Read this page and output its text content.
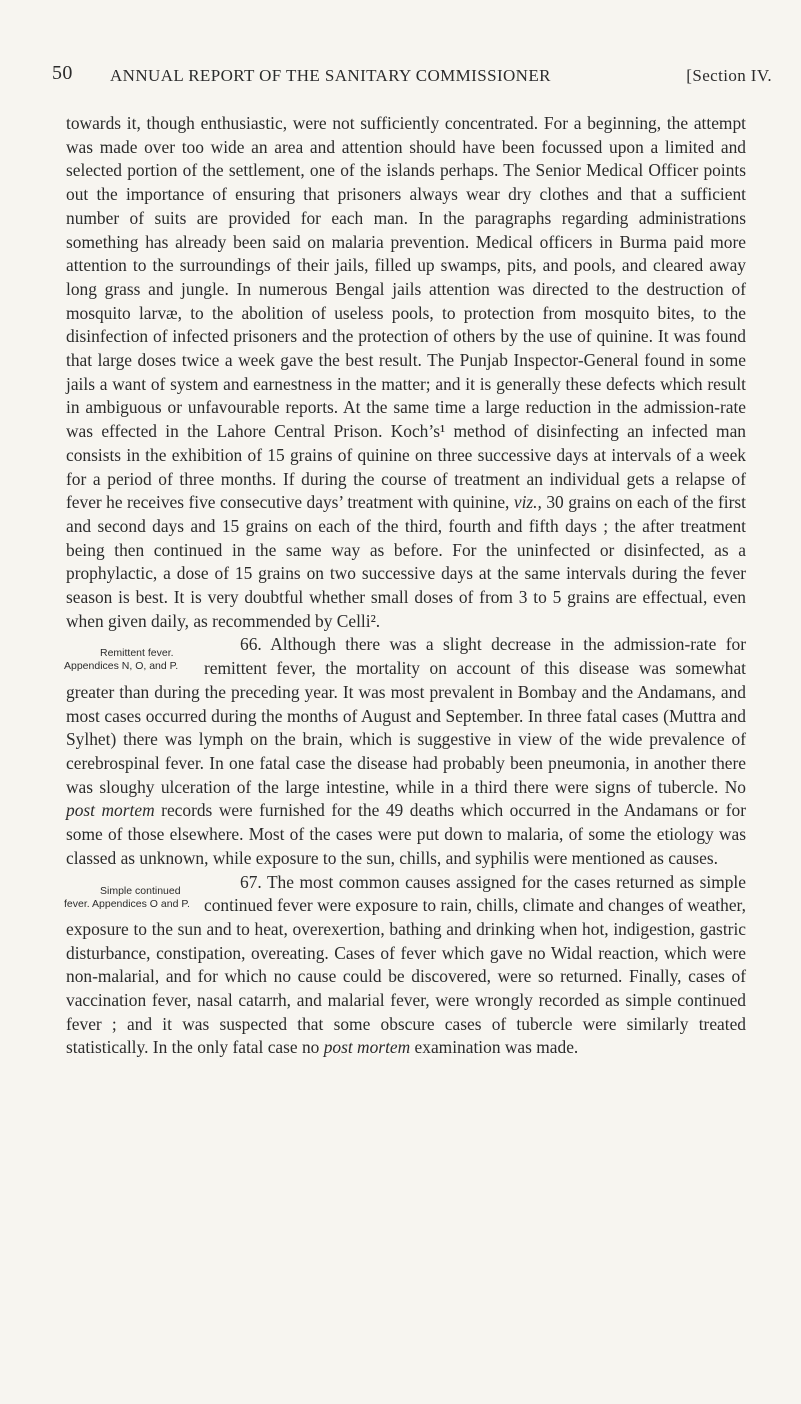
50 ANNUAL REPORT OF THE SANITARY COMMISSIONER	[Section IV.

towards it, though enthusiastic, were not sufficiently concentrated. For a beginning, the attempt was made over too wide an area and attention should have been focussed upon a limited and selected portion of the settlement, one of the islands perhaps. The Senior Medical Officer points out the importance of ensuring that prisoners always wear dry clothes and that a sufficient number of suits are provided for each man. In the paragraphs regarding administrations something has already been said on malaria prevention. Medical officers in Burma paid more attention to the surroundings of their jails, filled up swamps, pits, and pools, and cleared away long grass and jungle. In numerous Bengal jails attention was directed to the destruction of mosquito larvæ, to the abolition of useless pools, to protection from mosquito bites, to the disinfection of infected prisoners and the protection of others by the use of quinine. It was found that large doses twice a week gave the best result. The Punjab Inspector-General found in some jails a want of system and earnestness in the matter; and it is generally these defects which result in ambiguous or unfavourable reports. At the same time a large reduction in the admission-rate was effected in the Lahore Central Prison. Koch’s¹ method of disinfecting an infected man consists in the exhibition of 15 grains of quinine on three successive days at intervals of a week for a period of three months. If during the course of treatment an individual gets a relapse of fever he receives five consecutive days’ treatment with quinine, viz., 30 grains on each of the first and second days and 15 grains on each of the third, fourth and fifth days ; the after treatment being then continued in the same way as before. For the uninfected or disinfected, as a prophylactic, a dose of 15 grains on two successive days at the same intervals during the fever season is best. It is very doubtful whether small doses of from 3 to 5 grains are effectual, even when given daily, as recommended by Celli².

66.
Remittent fever. Appendices N, O, and P.
Although there was a slight decrease in the admission-rate for remittent fever, the mortality on account of this disease was somewhat greater than during the preceding year. It was most prevalent in Bombay and the Andamans, and most cases occurred during the months of August and September. In three fatal cases (Muttra and Sylhet) there was lymph on the brain, which is suggestive in view of the wide prevalence of cerebrospinal fever. In one fatal case the disease had probably been pneumonia, in another there was sloughy ulceration of the large intestine, while in a third there were signs of tubercle. No post mortem records were furnished for the 49 deaths which occurred in the Andamans or for some of those elsewhere. Most of the cases were put down to malaria, of some the etiology was classed as unknown, while exposure to the sun, chills, and syphilis were mentioned as causes.

67.
Simple continued fever. Appendices O and P.
The most common causes assigned for the cases returned as simple continued fever were exposure to rain, chills, climate and changes of weather, exposure to the sun and to heat, overexertion, bathing and drinking when hot, indigestion, gastric disturbance, constipation, overeating. Cases of fever which gave no Widal reaction, which were non-malarial, and for which no cause could be discovered, were so returned. Finally, cases of vaccination fever, nasal catarrh, and malarial fever, were wrongly recorded as simple continued fever ; and it was suspected that some obscure cases of tubercle were similarly treated statistically. In the only fatal case no post mortem examination was made.
